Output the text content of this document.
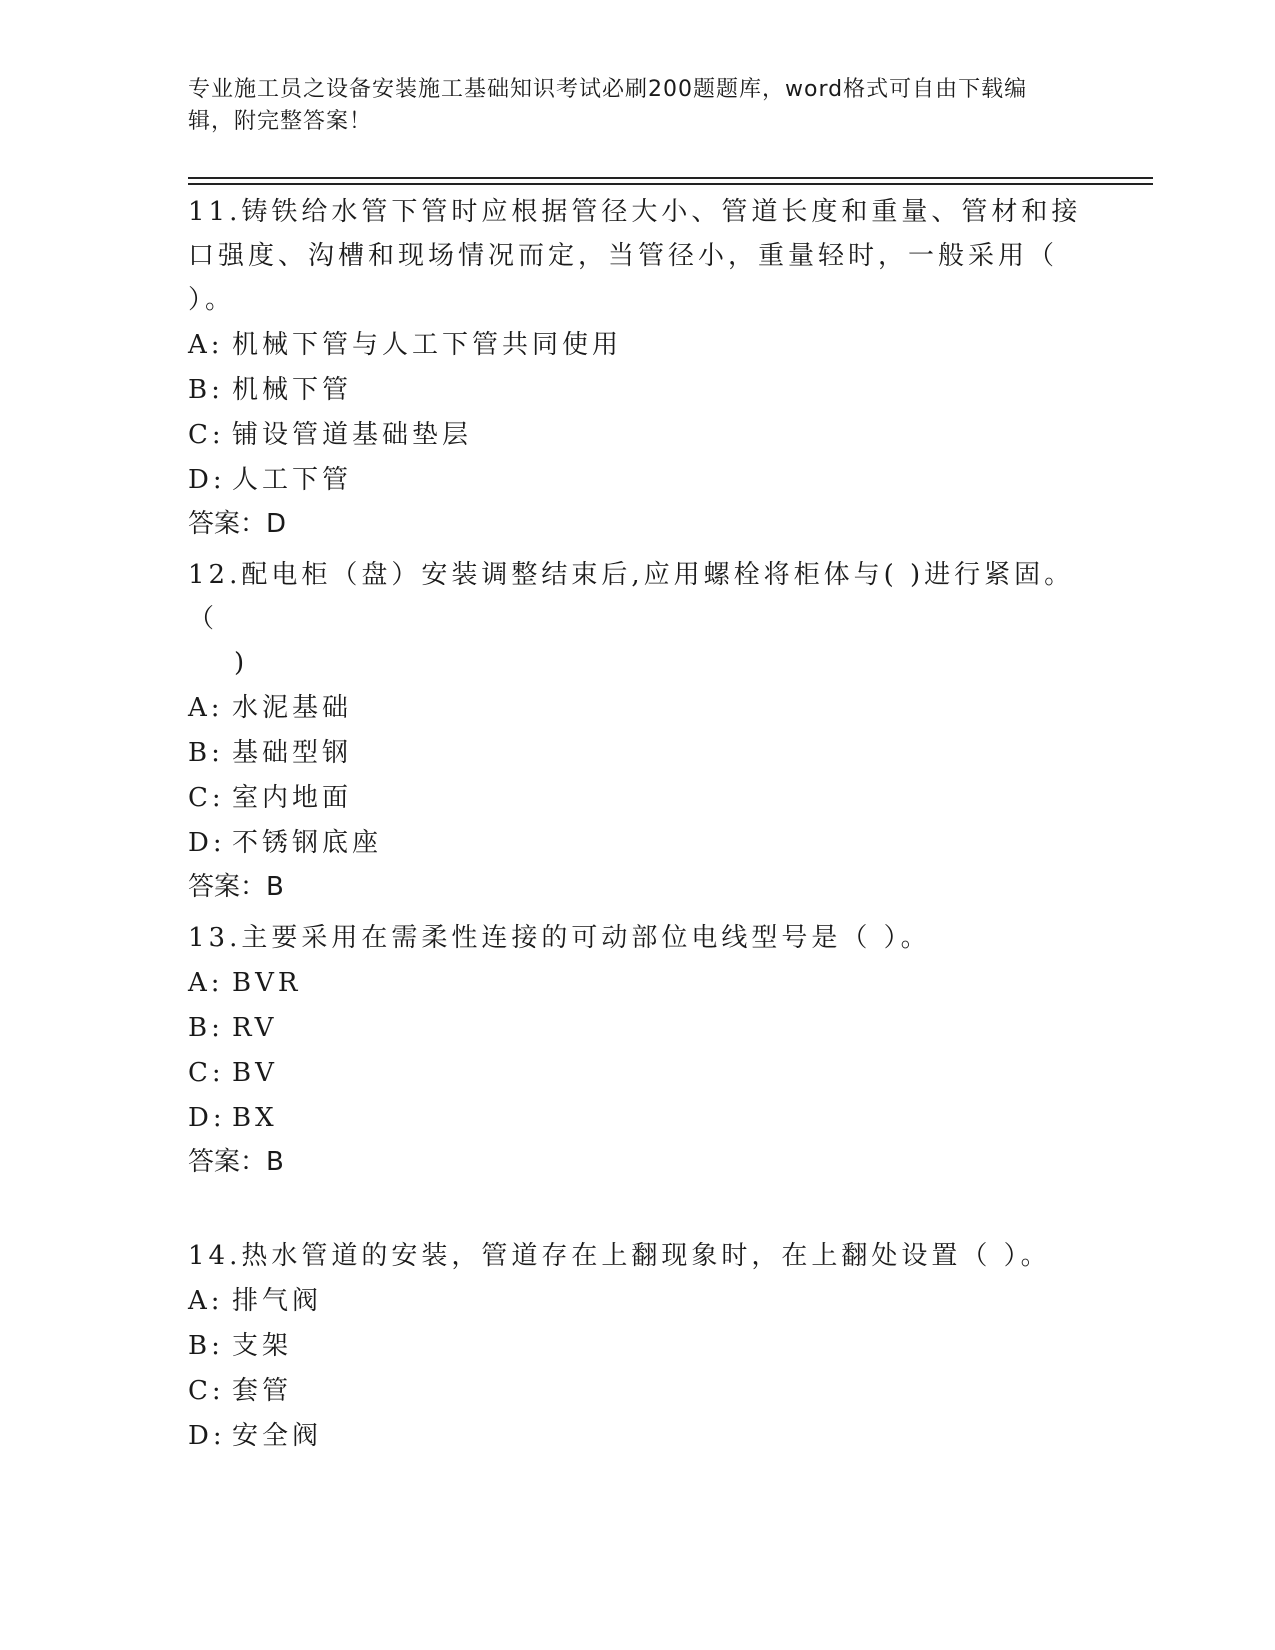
专业施工员之设备安装施工基础知识考试必刷200题题库，word格式可自由下载编辑，附完整答案！

11.铸铁给水管下管时应根据管径大小、管道长度和重量、管材和接口强度、沟槽和现场情况而定，当管径小，重量轻时，一般采用（ ）。

A: 机械下管与人工下管共同使用
B: 机械下管
C: 铺设管道基础垫层
D: 人工下管
答案：D

12.配电柜（盘）安装调整结束后,应用螺栓将柜体与( )进行紧固。（

)

A: 水泥基础
B: 基础型钢
C: 室内地面
D: 不锈钢底座
答案：B

13.主要采用在需柔性连接的可动部位电线型号是（ ）。

A: BVR
B: RV
C: BV
D: BX
答案：B

14.热水管道的安装，管道存在上翻现象时，在上翻处设置（ ）。

A: 排气阀
B: 支架
C: 套管
D: 安全阀
